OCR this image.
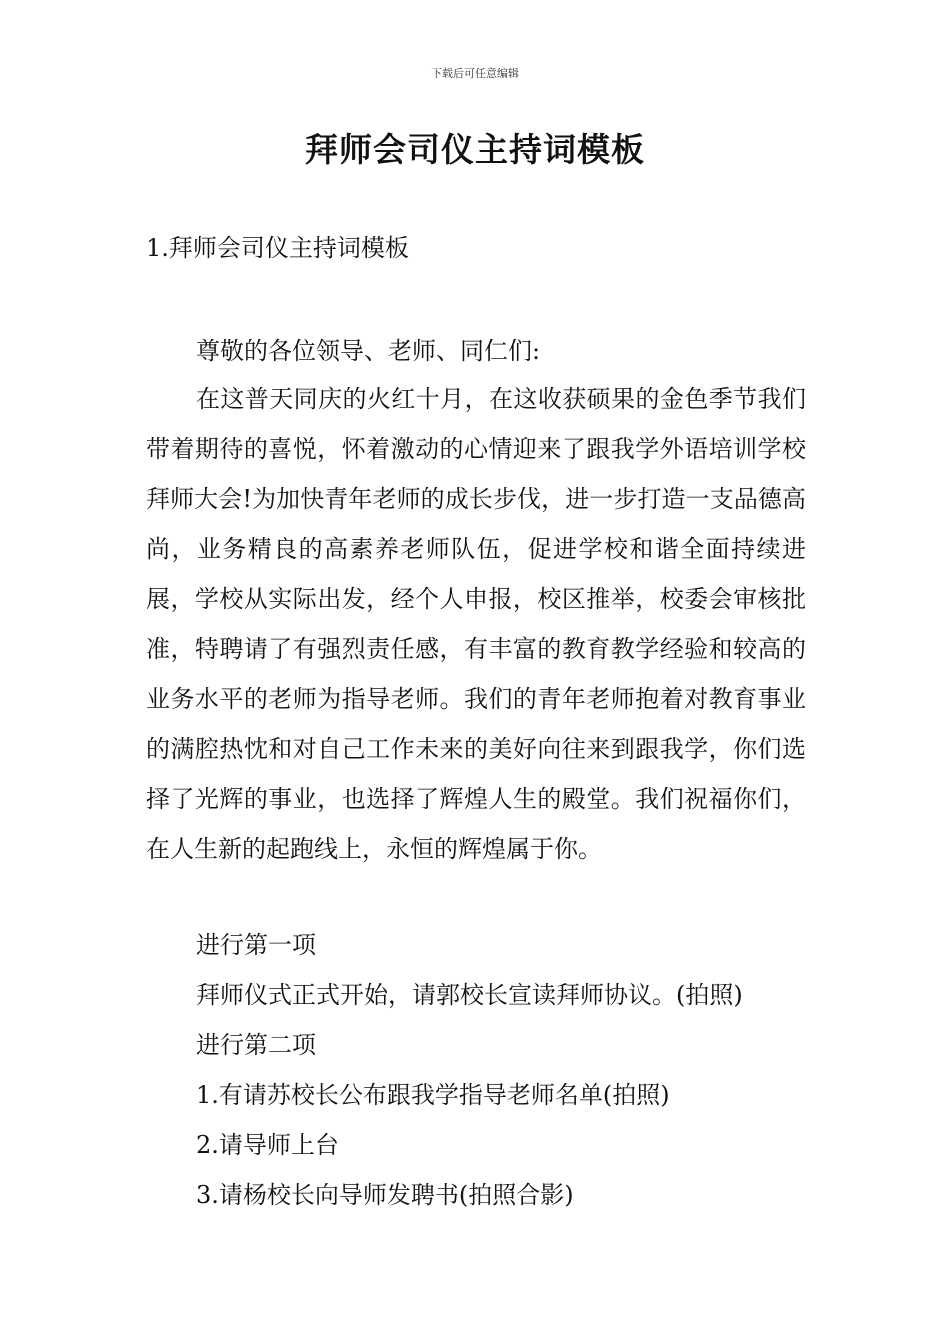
下载后可任意编辑
拜师会司仪主持词模板
1.拜师会司仪主持词模板
尊敬的各位领导、老师、同仁们:
在这普天同庆的火红十月，在这收获硕果的金色季节我们带着期待的喜悦，怀着激动的心情迎来了跟我学外语培训学校拜师大会!为加快青年老师的成长步伐，进一步打造一支品德高尚，业务精良的高素养老师队伍，促进学校和谐全面持续进展，学校从实际出发，经个人申报，校区推举，校委会审核批准，特聘请了有强烈责任感，有丰富的教育教学经验和较高的业务水平的老师为指导老师。我们的青年老师抱着对教育事业的满腔热忱和对自己工作未来的美好向往来到跟我学，你们选择了光辉的事业，也选择了辉煌人生的殿堂。我们祝福你们，在人生新的起跑线上，永恒的辉煌属于你。
进行第一项
拜师仪式正式开始，请郭校长宣读拜师协议。(拍照)
进行第二项
1.有请苏校长公布跟我学指导老师名单(拍照)
2.请导师上台
3.请杨校长向导师发聘书(拍照合影)
